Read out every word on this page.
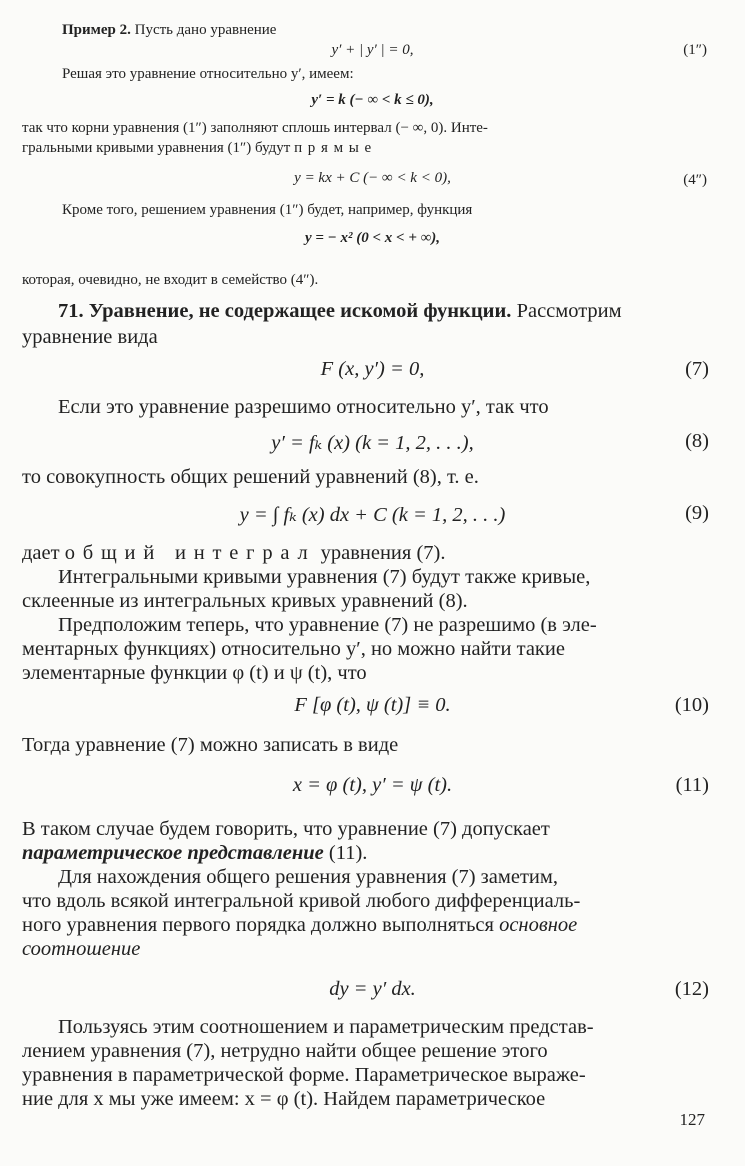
Пример 2. Пусть дано уравнение
y′ + | y′ | = 0,	(1″)
Решая это уравнение относительно y′, имеем:
y′ = k (− ∞ < k ≤ 0),
так что корни уравнения (1″) заполняют сплошь интервал (− ∞, 0). Инте-
гральными кривыми уравнения (1″) будут прямые
y = kx + C (− ∞ < k < 0),	(4″)
Кроме того, решением уравнения (1″) будет, например, функция
y = − x² (0 < x < + ∞),
которая, очевидно, не входит в семейство (4″).
71. Уравнение, не содержащее искомой функции. Рассмотрим
уравнение вида
F (x, y′) = 0,	(7)
Если это уравнение разрешимо относительно y′, так что
y′ = fₖ (x) (k = 1, 2, . . .),	(8)
то совокупность общих решений уравнений (8), т. е.
y = ∫ fₖ (x) dx + C (k = 1, 2, . . .)	(9)
дает общий интеграл уравнения (7).
Интегральными кривыми уравнения (7) будут также кривые,
склеенные из интегральных кривых уравнений (8).
Предположим теперь, что уравнение (7) не разрешимо (в эле-
ментарных функциях) относительно y′, но можно найти такие
элементарные функции φ (t) и ψ (t), что
F [φ (t), ψ (t)] ≡ 0.	(10)
Тогда уравнение (7) можно записать в виде
x = φ (t), y′ = ψ (t).	(11)
В таком случае будем говорить, что уравнение (7) допускает
параметрическое представление (11).
Для нахождения общего решения уравнения (7) заметим,
что вдоль всякой интегральной кривой любого дифференциаль-
ного уравнения первого порядка должно выполняться основное
соотношение
dy = y′ dx.	(12)
Пользуясь этим соотношением и параметрическим представ-
лением уравнения (7), нетрудно найти общее решение этого
уравнения в параметрической форме. Параметрическое выраже-
ние для x мы уже имеем: x = φ (t). Найдем параметрическое
127
